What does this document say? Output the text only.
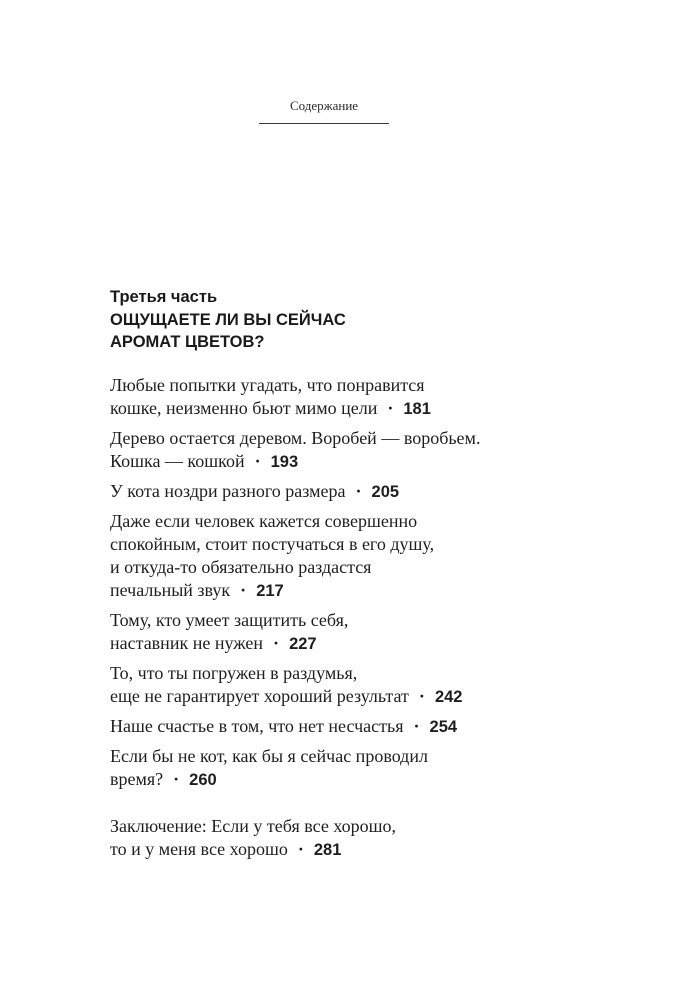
Содержание
Третья часть
ОЩУЩАЕТЕ ЛИ ВЫ СЕЙЧАС
АРОМАТ ЦВЕТОВ?
Любые попытки угадать, что понравится
кошке, неизменно бьют мимо цели · 181
Дерево остается деревом. Воробей — воробьем.
Кошка — кошкой · 193
У кота ноздри разного размера · 205
Даже если человек кажется совершенно
спокойным, стоит постучаться в его душу,
и откуда-то обязательно раздастся
печальный звук · 217
Тому, кто умеет защитить себя,
наставник не нужен · 227
То, что ты погружен в раздумья,
еще не гарантирует хороший результат · 242
Наше счастье в том, что нет несчастья · 254
Если бы не кот, как бы я сейчас проводил
время? · 260
Заключение: Если у тебя все хорошо,
то и у меня все хорошо · 281
